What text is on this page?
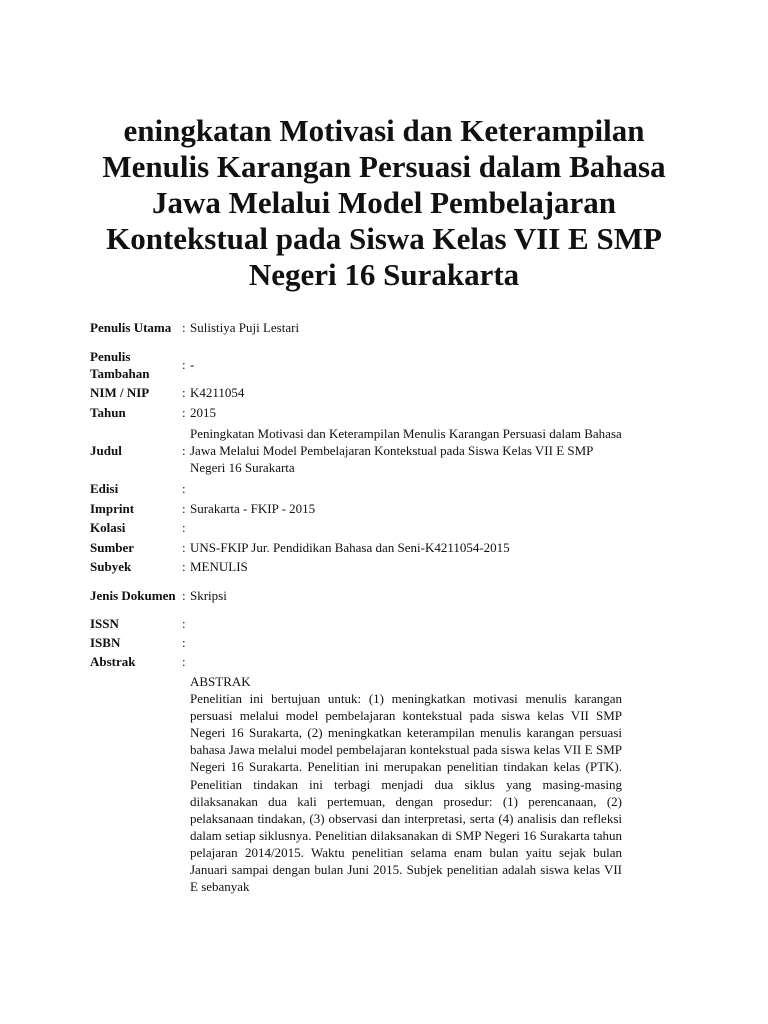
eningkatan Motivasi dan Keterampilan Menulis Karangan Persuasi dalam Bahasa Jawa Melalui Model Pembelajaran Kontekstual pada Siswa Kelas VII E SMP Negeri 16 Surakarta
Penulis Utama	:	Sulistiya Puji Lestari
Penulis Tambahan	:	-
NIM / NIP	:	K4211054
Tahun	:	2015
Judul	:	Peningkatan Motivasi dan Keterampilan Menulis Karangan Persuasi dalam Bahasa Jawa Melalui Model Pembelajaran Kontekstual pada Siswa Kelas VII E SMP Negeri 16 Surakarta
Edisi	:	
Imprint	:	Surakarta - FKIP - 2015
Kolasi	:	
Sumber	:	UNS-FKIP Jur. Pendidikan Bahasa dan Seni-K4211054-2015
Subyek	:	MENULIS
Jenis Dokumen	:	Skripsi
ISSN	:	
ISBN	:	
Abstrak	:	

ABSTRAK

Penelitian ini bertujuan untuk: (1) meningkatkan motivasi menulis karangan persuasi melalui model pembelajaran kontekstual pada siswa kelas VII SMP Negeri 16 Surakarta, (2) meningkatkan keterampilan menulis karangan persuasi bahasa Jawa melalui model pembelajaran kontekstual pada siswa kelas VII E SMP Negeri 16 Surakarta. Penelitian ini merupakan penelitian tindakan kelas (PTK). Penelitian tindakan ini terbagi menjadi dua siklus yang masing-masing dilaksanakan dua kali pertemuan, dengan prosedur: (1) perencanaan, (2) pelaksanaan tindakan, (3) observasi dan interpretasi, serta (4) analisis dan refleksi dalam setiap siklusnya. Penelitian dilaksanakan di SMP Negeri 16 Surakarta tahun pelajaran 2014/2015. Waktu penelitian selama enam bulan yaitu sejak bulan Januari sampai dengan bulan Juni 2015. Subjek penelitian adalah siswa kelas VII E sebanyak
